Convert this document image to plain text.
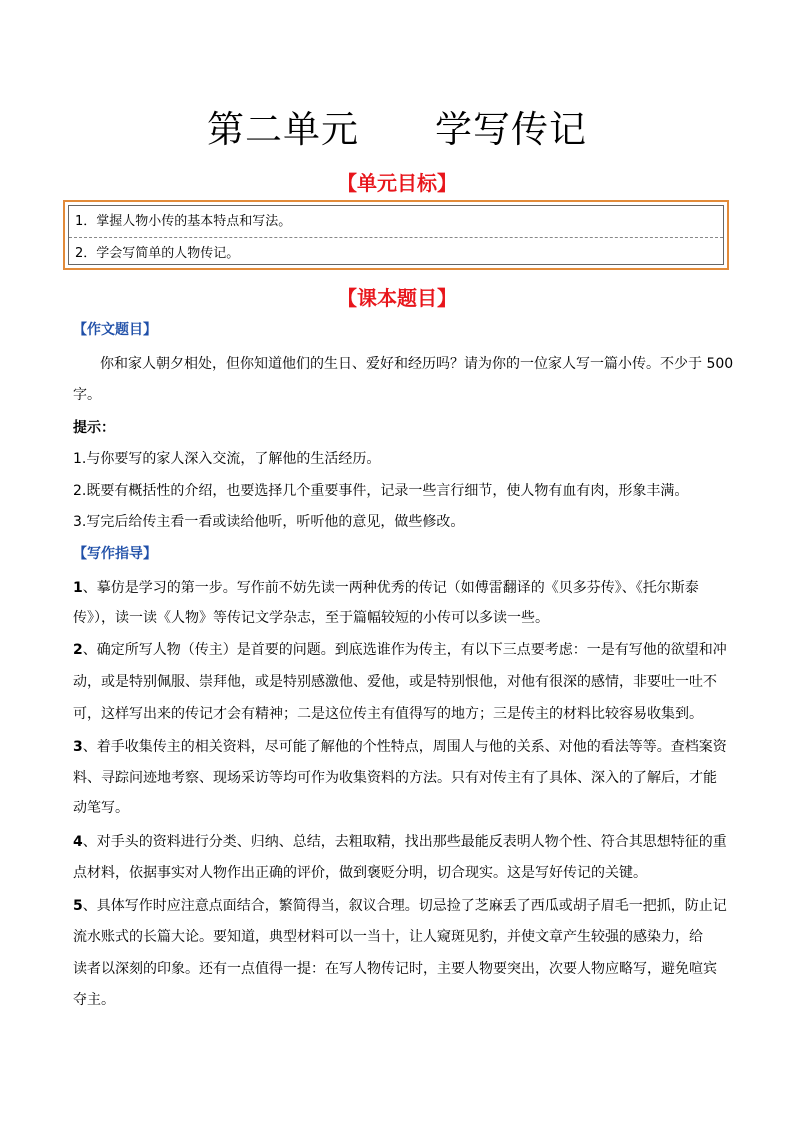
第二单元　　学写传记
【单元目标】
1．掌握人物小传的基本特点和写法。
2．学会写简单的人物传记。
【课本题目】
【作文题目】
你和家人朝夕相处，但你知道他们的生日、爱好和经历吗？请为你的一位家人写一篇小传。不少于 500
字。
提示：
1.与你要写的家人深入交流，了解他的生活经历。
2.既要有概括性的介绍，也要选择几个重要事件，记录一些言行细节，使人物有血有肉，形象丰满。
3.写完后给传主看一看或读给他听，听听他的意见，做些修改。
【写作指导】
1、摹仿是学习的第一步。写作前不妨先读一两种优秀的传记（如傅雷翻译的《贝多芬传》、《托尔斯泰
传》），读一读《人物》等传记文学杂志，至于篇幅较短的小传可以多读一些。
2、确定所写人物（传主）是首要的问题。到底选谁作为传主，有以下三点要考虑：一是有写他的欲望和冲
动，或是特别佩服、崇拜他，或是特别感激他、爱他，或是特别恨他，对他有很深的感情，非要吐一吐不
可，这样写出来的传记才会有精神；二是这位传主有值得写的地方；三是传主的材料比较容易收集到。
3、着手收集传主的相关资料，尽可能了解他的个性特点，周围人与他的关系、对他的看法等等。查档案资
料、寻踪问迹地考察、现场采访等均可作为收集资料的方法。只有对传主有了具体、深入的了解后，才能
动笔写。
4、对手头的资料进行分类、归纳、总结，去粗取精，找出那些最能反表明人物个性、符合其思想特征的重
点材料，依据事实对人物作出正确的评价，做到褒贬分明，切合现实。这是写好传记的关键。
5、具体写作时应注意点面结合，繁简得当，叙议合理。切忌捡了芝麻丢了西瓜或胡子眉毛一把抓，防止记
流水账式的长篇大论。要知道，典型材料可以一当十，让人窥斑见豹，并使文章产生较强的感染力，给
读者以深刻的印象。还有一点值得一提：在写人物传记时，主要人物要突出，次要人物应略写，避免喧宾
夺主。
